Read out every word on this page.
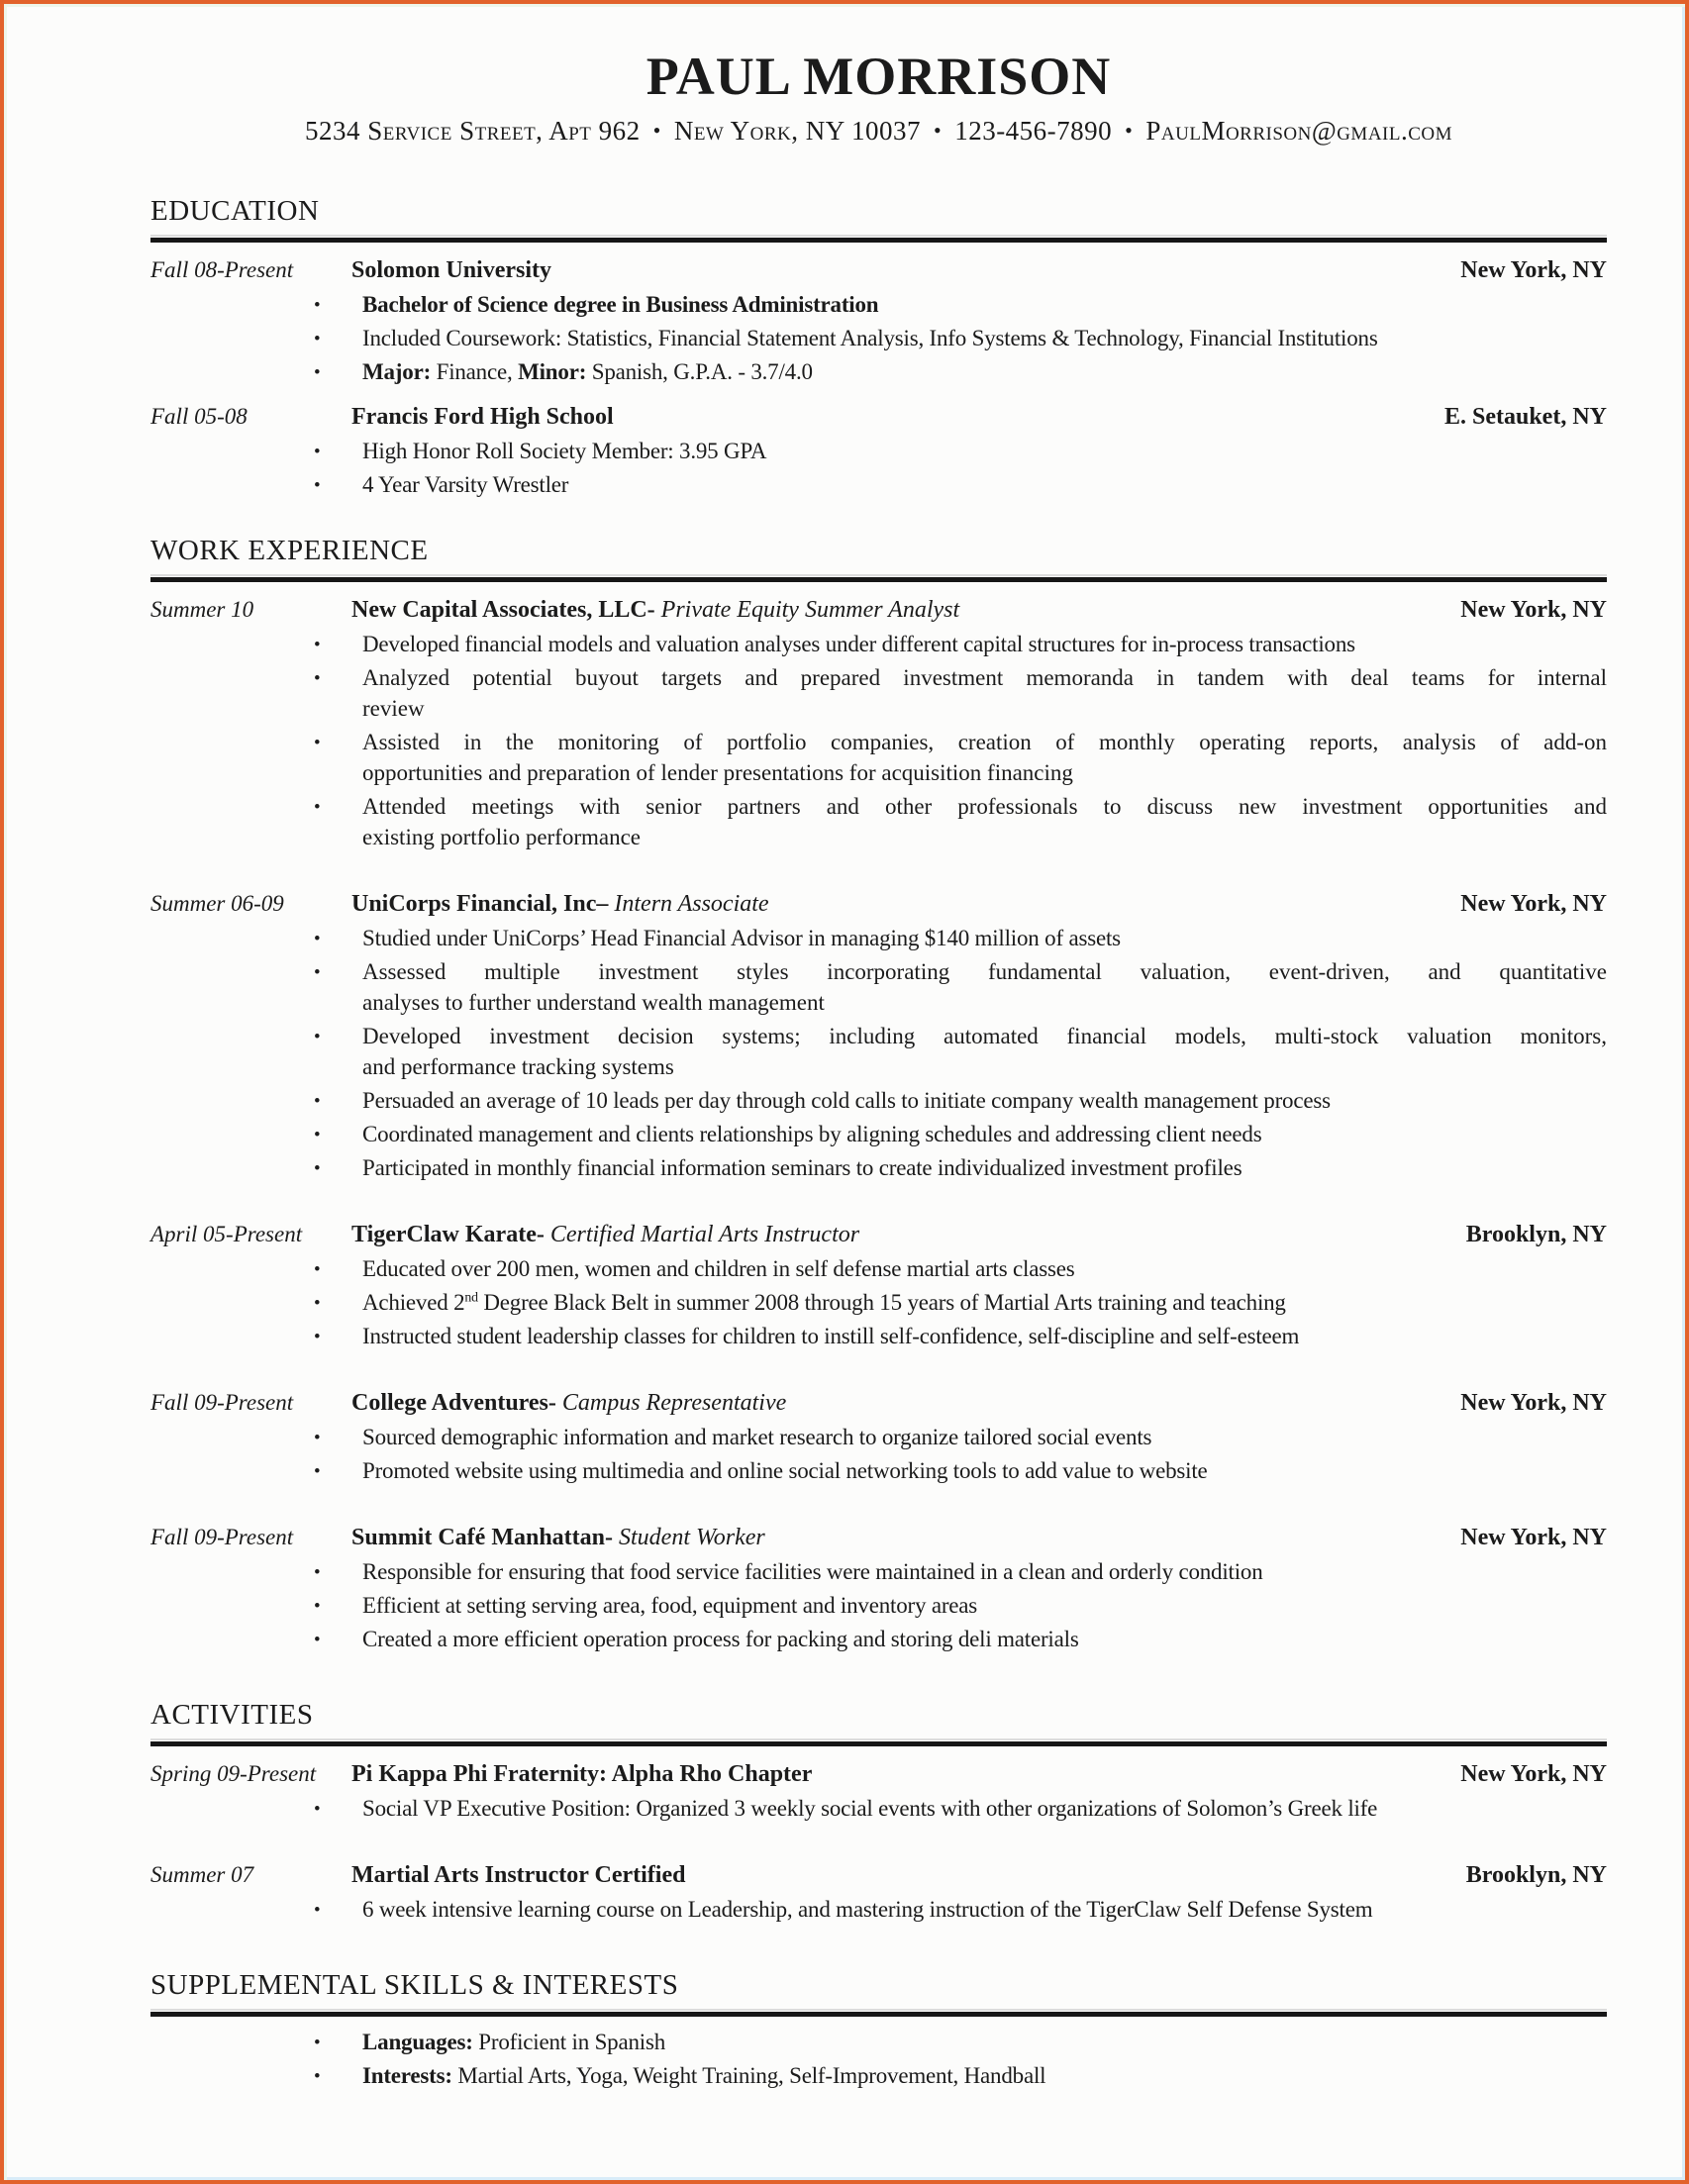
PAUL MORRISON
5234 Service Street, Apt 962 • New York, NY 10037 • 123-456-7890 • PaulMorrison@gmail.com
EDUCATION
Fall 08-Present	Solomon University	New York, NY
• Bachelor of Science degree in Business Administration
• Included Coursework: Statistics, Financial Statement Analysis, Info Systems & Technology, Financial Institutions
• Major: Finance, Minor: Spanish, G.P.A. - 3.7/4.0
Fall 05-08	Francis Ford High School	E. Setauket, NY
• High Honor Roll Society Member: 3.95 GPA
• 4 Year Varsity Wrestler
WORK EXPERIENCE
Summer 10	New Capital Associates, LLC- Private Equity Summer Analyst	New York, NY
• Developed financial models and valuation analyses under different capital structures for in-process transactions
• Analyzed potential buyout targets and prepared investment memoranda in tandem with deal teams for internal
review
• Assisted in the monitoring of portfolio companies, creation of monthly operating reports, analysis of add-on
opportunities and preparation of lender presentations for acquisition financing
• Attended meetings with senior partners and other professionals to discuss new investment opportunities and
existing portfolio performance
Summer 06-09	UniCorps Financial, Inc– Intern Associate	New York, NY
• Studied under UniCorps’ Head Financial Advisor in managing $140 million of assets
• Assessed multiple investment styles incorporating fundamental valuation, event-driven, and quantitative
analyses to further understand wealth management
• Developed investment decision systems; including automated financial models, multi-stock valuation monitors,
and performance tracking systems
• Persuaded an average of 10 leads per day through cold calls to initiate company wealth management process
• Coordinated management and clients relationships by aligning schedules and addressing client needs
• Participated in monthly financial information seminars to create individualized investment profiles
April 05-Present	TigerClaw Karate- Certified Martial Arts Instructor	Brooklyn, NY
• Educated over 200 men, women and children in self defense martial arts classes
• Achieved 2nd Degree Black Belt in summer 2008 through 15 years of Martial Arts training and teaching
• Instructed student leadership classes for children to instill self-confidence, self-discipline and self-esteem
Fall 09-Present	College Adventures- Campus Representative	New York, NY
• Sourced demographic information and market research to organize tailored social events
• Promoted website using multimedia and online social networking tools to add value to website
Fall 09-Present	Summit Café Manhattan- Student Worker	New York, NY
• Responsible for ensuring that food service facilities were maintained in a clean and orderly condition
• Efficient at setting serving area, food, equipment and inventory areas
• Created a more efficient operation process for packing and storing deli materials
ACTIVITIES
Spring 09-Present	Pi Kappa Phi Fraternity: Alpha Rho Chapter	New York, NY
• Social VP Executive Position: Organized 3 weekly social events with other organizations of Solomon’s Greek life
Summer 07	Martial Arts Instructor Certified	Brooklyn, NY
• 6 week intensive learning course on Leadership, and mastering instruction of the TigerClaw Self Defense System
SUPPLEMENTAL SKILLS & INTERESTS
• Languages: Proficient in Spanish
• Interests: Martial Arts, Yoga, Weight Training, Self-Improvement, Handball
